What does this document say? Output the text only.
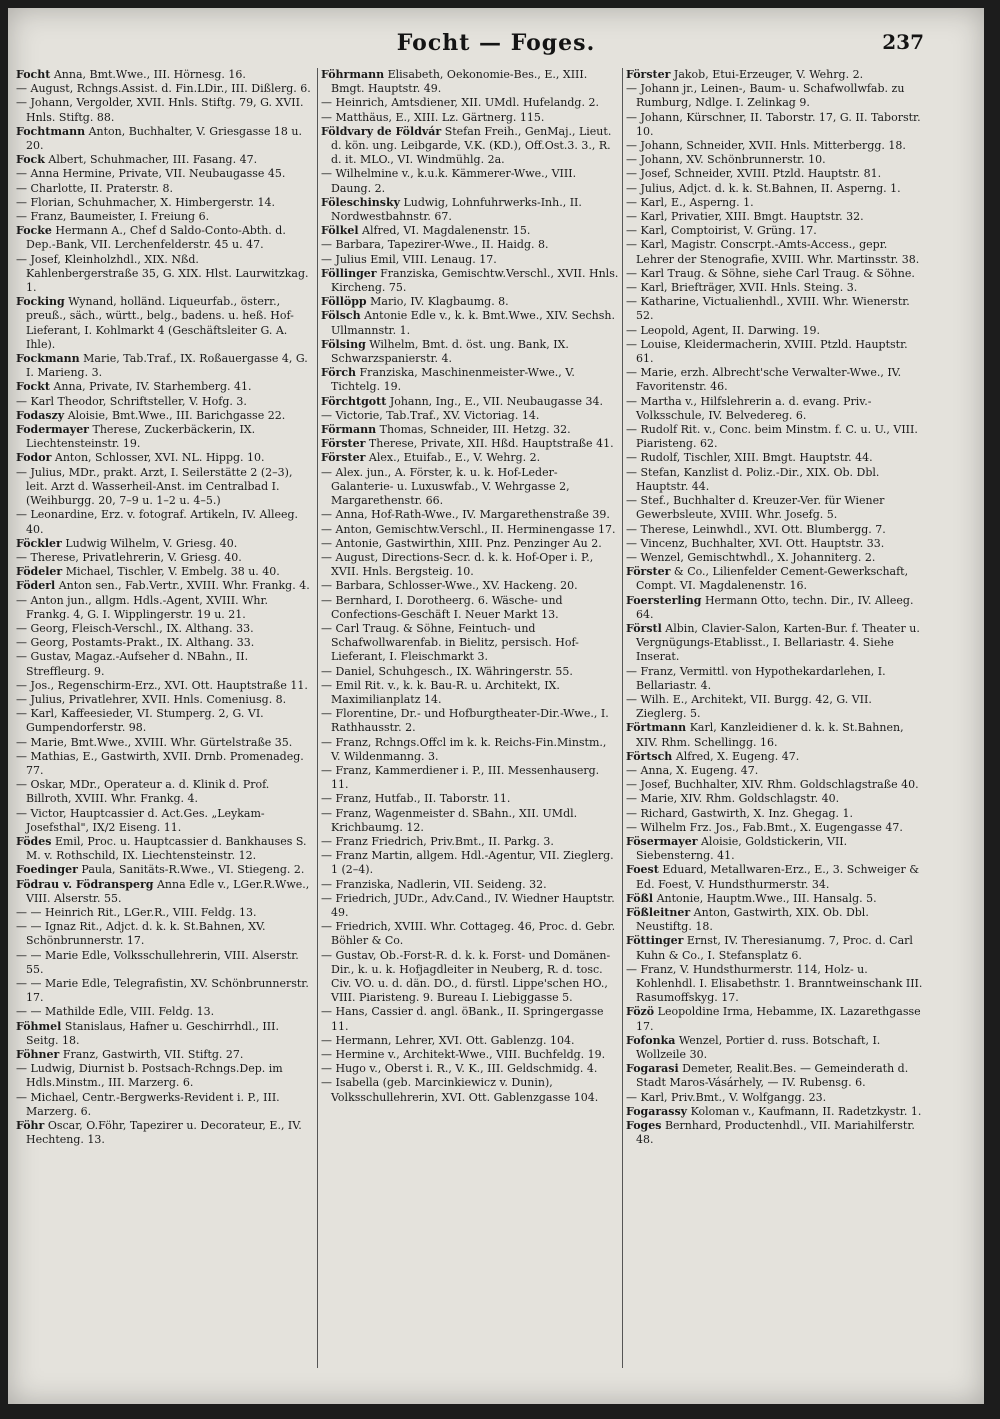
Focht — Foges.	237

Focht Anna, Bmt.Wwe., III. Hörnesg. 16.

— August, Rchngs.Assist. d. Fin.LDir., III. Dißlerg. 6.

— Johann, Vergolder, XVII. Hnls. Stiftg. 79, G. XVII. Hnls. Stiftg. 88.

Fochtmann Anton, Buchhalter, V. Griesgasse 18 u. 20.

Fock Albert, Schuhmacher, III. Fasang. 47.

— Anna Hermine, Private, VII. Neubaugasse 45.

— Charlotte, II. Praterstr. 8.

— Florian, Schuhmacher, X. Himbergerstr. 14.

— Franz, Baumeister, I. Freiung 6.

Focke Hermann A., Chef d Saldo-Conto-Abth. d. Dep.-Bank, VII. Lerchenfelderstr. 45 u. 47.

— Josef, Kleinholzhdl., XIX. Nßd. Kahlenbergerstraße 35, G. XIX. Hlst. Laurwitzkag. 1.

Focking Wynand, holländ. Liqueurfab., österr., preuß., säch., württ., belg., badens. u. heß. Hof-Lieferant, I. Kohlmarkt 4 (Geschäftsleiter G. A. Ihle).

Fockmann Marie, Tab.Traf., IX. Roßauergasse 4, G. I. Marieng. 3.

Fockt Anna, Private, IV. Starhemberg. 41.

— Karl Theodor, Schriftsteller, V. Hofg. 3.

Fodaszy Aloisie, Bmt.Wwe., III. Barichgasse 22.

Fodermayer Therese, Zuckerbäckerin, IX. Liechtensteinstr. 19.

Fodor Anton, Schlosser, XVI. NL. Hippg. 10.

— Julius, MDr., prakt. Arzt, I. Seilerstätte 2 (2–3), leit. Arzt d. Wasserheil-Anst. im Centralbad I. (Weihburgg. 20, 7–9 u. 1–2 u. 4–5.)

— Leonardine, Erz. v. fotograf. Artikeln, IV. Alleeg. 40.

Föckler Ludwig Wilhelm, V. Griesg. 40.

— Therese, Privatlehrerin, V. Griesg. 40.

Födeler Michael, Tischler, V. Embelg. 38 u. 40.

Föderl Anton sen., Fab.Vertr., XVIII. Whr. Frankg. 4.

— Anton jun., allgm. Hdls.-Agent, XVIII. Whr. Frankg. 4, G. I. Wipplingerstr. 19 u. 21.

— Georg, Fleisch-Verschl., IX. Althang. 33.

— Georg, Postamts-Prakt., IX. Althang. 33.

— Gustav, Magaz.-Aufseher d. NBahn., II. Streffleurg. 9.

— Jos., Regenschirm-Erz., XVI. Ott. Hauptstraße 11.

— Julius, Privatlehrer, XVII. Hnls. Comeniusg. 8.

— Karl, Kaffeesieder, VI. Stumperg. 2, G. VI. Gumpendorferstr. 98.

— Marie, Bmt.Wwe., XVIII. Whr. Gürtelstraße 35.

— Mathias, E., Gastwirth, XVII. Drnb. Promenadeg. 77.

— Oskar, MDr., Operateur a. d. Klinik d. Prof. Billroth, XVIII. Whr. Frankg. 4.

— Victor, Hauptcassier d. Act.Ges. „Leykam-Josefsthal", IX/2 Eiseng. 11.

Födes Emil, Proc. u. Hauptcassier d. Bankhauses S. M. v. Rothschild, IX. Liechtensteinstr. 12.

Foedinger Paula, Sanitäts-R.Wwe., VI. Stiegeng. 2.

Födrau v. Födransperg Anna Edle v., LGer.R.Wwe., VIII. Alserstr. 55.

— — Heinrich Rit., LGer.R., VIII. Feldg. 13.

— — Ignaz Rit., Adjct. d. k. k. St.Bahnen, XV. Schönbrunnerstr. 17.

— — Marie Edle, Volksschullehrerin, VIII. Alserstr. 55.

— — Marie Edle, Telegrafistin, XV. Schönbrunnerstr. 17.

— — Mathilde Edle, VIII. Feldg. 13.

Föhmel Stanislaus, Hafner u. Geschirrhdl., III. Seitg. 18.

Föhner Franz, Gastwirth, VII. Stiftg. 27.

— Ludwig, Diurnist b. Postsach-Rchngs.Dep. im Hdls.Minstm., III. Marzerg. 6.

— Michael, Centr.-Bergwerks-Revident i. P., III. Marzerg. 6.

Föhr Oscar, O.Föhr, Tapezirer u. Decorateur, E., IV. Hechteng. 13.

Föhrmann Elisabeth, Oekonomie-Bes., E., XIII. Bmgt. Hauptstr. 49.

— Heinrich, Amtsdiener, XII. UMdl. Hufelandg. 2.

— Matthäus, E., XIII. Lz. Gärtnerg. 115.

Földvary de Földvár Stefan Freih., GenMaj., Lieut. d. kön. ung. Leibgarde, V.K. (KD.), Off.Ost.3. 3., R. d. it. MLO., VI. Windmühlg. 2a.

— Wilhelmine v., k.u.k. Kämmerer-Wwe., VIII. Daung. 2.

Föleschinsky Ludwig, Lohnfuhrwerks-Inh., II. Nordwestbahnstr. 67.

Fölkel Alfred, VI. Magdalenenstr. 15.

— Barbara, Tapezirer-Wwe., II. Haidg. 8.

— Julius Emil, VIII. Lenaug. 17.

Föllinger Franziska, Gemischtw.Verschl., XVII. Hnls. Kircheng. 75.

Föllöpp Mario, IV. Klagbaumg. 8.

Fölsch Antonie Edle v., k. k. Bmt.Wwe., XIV. Sechsh. Ullmannstr. 1.

Fölsing Wilhelm, Bmt. d. öst. ung. Bank, IX. Schwarzspanierstr. 4.

Förch Franziska, Maschinenmeister-Wwe., V. Tichtelg. 19.

Förchtgott Johann, Ing., E., VII. Neubaugasse 34.

— Victorie, Tab.Traf., XV. Victoriag. 14.

Förmann Thomas, Schneider, III. Hetzg. 32.

Förster Therese, Private, XII. Hßd. Hauptstraße 41.

Förster Alex., Etuifab., E., V. Wehrg. 2.

— Alex. jun., A. Förster, k. u. k. Hof-Leder-Galanterie- u. Luxuswfab., V. Wehrgasse 2, Margarethenstr. 66.

— Anna, Hof-Rath-Wwe., IV. Margarethenstraße 39.

— Anton, Gemischtw.Verschl., II. Herminengasse 17.

— Antonie, Gastwirthin, XIII. Pnz. Penzinger Au 2.

— August, Directions-Secr. d. k. k. Hof-Oper i. P., XVII. Hnls. Bergsteig. 10.

— Barbara, Schlosser-Wwe., XV. Hackeng. 20.

— Bernhard, I. Dorotheerg. 6. Wäsche- und Confections-Geschäft I. Neuer Markt 13.

— Carl Traug. & Söhne, Feintuch- und Schafwollwarenfab. in Bielitz, persisch. Hof-Lieferant, I. Fleischmarkt 3.

— Daniel, Schuhgesch., IX. Währingerstr. 55.

— Emil Rit. v., k. k. Bau-R. u. Architekt, IX. Maximilianplatz 14.

— Florentine, Dr.- und Hofburgtheater-Dir.-Wwe., I. Rathhausstr. 2.

— Franz, Rchngs.Offcl im k. k. Reichs-Fin.Minstm., V. Wildenmanng. 3.

— Franz, Kammerdiener i. P., III. Messenhauserg. 11.

— Franz, Hutfab., II. Taborstr. 11.

— Franz, Wagenmeister d. SBahn., XII. UMdl. Krichbaumg. 12.

— Franz Friedrich, Priv.Bmt., II. Parkg. 3.

— Franz Martin, allgem. Hdl.-Agentur, VII. Zieglerg. 1 (2–4).

— Franziska, Nadlerin, VII. Seideng. 32.

— Friedrich, JUDr., Adv.Cand., IV. Wiedner Hauptstr. 49.

— Friedrich, XVIII. Whr. Cottageg. 46, Proc. d. Gebr. Böhler & Co.

— Gustav, Ob.-Forst-R. d. k. k. Forst- und Domänen-Dir., k. u. k. Hofjagdleiter in Neuberg, R. d. tosc. Civ. VO. u. d. dän. DO., d. fürstl. Lippe'schen HO., VIII. Piaristeng. 9. Bureau I. Liebiggasse 5.

— Hans, Cassier d. angl. öBank., II. Springergasse 11.

— Hermann, Lehrer, XVI. Ott. Gablenzg. 104.

— Hermine v., Architekt-Wwe., VIII. Buchfeldg. 19.

— Hugo v., Oberst i. R., V. K., III. Geldschmidg. 4.

— Isabella (geb. Marcinkiewicz v. Dunin), Volksschullehrerin, XVI. Ott. Gablenzgasse 104.

Förster Jakob, Etui-Erzeuger, V. Wehrg. 2.

— Johann jr., Leinen-, Baum- u. Schafwollwfab. zu Rumburg, Ndlge. I. Zelinkag 9.

— Johann, Kürschner, II. Taborstr. 17, G. II. Taborstr. 10.

— Johann, Schneider, XVII. Hnls. Mitterbergg. 18.

— Johann, XV. Schönbrunnerstr. 10.

— Josef, Schneider, XVIII. Ptzld. Hauptstr. 81.

— Julius, Adjct. d. k. k. St.Bahnen, II. Asperng. 1.

— Karl, E., Asperng. 1.

— Karl, Privatier, XIII. Bmgt. Hauptstr. 32.

— Karl, Comptoirist, V. Grüng. 17.

— Karl, Magistr. Conscrpt.-Amts-Access., gepr. Lehrer der Stenografie, XVIII. Whr. Martinsstr. 38.

— Karl Traug. & Söhne, siehe Carl Traug. & Söhne.

— Karl, Briefträger, XVII. Hnls. Steing. 3.

— Katharine, Victualienhdl., XVIII. Whr. Wienerstr. 52.

— Leopold, Agent, II. Darwing. 19.

— Louise, Kleidermacherin, XVIII. Ptzld. Hauptstr. 61.

— Marie, erzh. Albrecht'sche Verwalter-Wwe., IV. Favoritenstr. 46.

— Martha v., Hilfslehrerin a. d. evang. Priv.-Volksschule, IV. Belvedereg. 6.

— Rudolf Rit. v., Conc. beim Minstm. f. C. u. U., VIII. Piaristeng. 62.

— Rudolf, Tischler, XIII. Bmgt. Hauptstr. 44.

— Stefan, Kanzlist d. Poliz.-Dir., XIX. Ob. Dbl. Hauptstr. 44.

— Stef., Buchhalter d. Kreuzer-Ver. für Wiener Gewerbsleute, XVIII. Whr. Josefg. 5.

— Therese, Leinwhdl., XVI. Ott. Blumbergg. 7.

— Vincenz, Buchhalter, XVI. Ott. Hauptstr. 33.

— Wenzel, Gemischtwhdl., X. Johanniterg. 2.

Förster & Co., Lilienfelder Cement-Gewerkschaft, Compt. VI. Magdalenenstr. 16.

Foersterling Hermann Otto, techn. Dir., IV. Alleeg. 64.

Förstl Albin, Clavier-Salon, Karten-Bur. f. Theater u. Vergnügungs-Etablisst., I. Bellariastr. 4. Siehe Inserat.

— Franz, Vermittl. von Hypothekardarlehen, I. Bellariastr. 4.

— Wilh. E., Architekt, VII. Burgg. 42, G. VII. Zieglerg. 5.

Förtmann Karl, Kanzleidiener d. k. k. St.Bahnen, XIV. Rhm. Schellingg. 16.

Förtsch Alfred, X. Eugeng. 47.

— Anna, X. Eugeng. 47.

— Josef, Buchhalter, XIV. Rhm. Goldschlagstraße 40.

— Marie, XIV. Rhm. Goldschlagstr. 40.

— Richard, Gastwirth, X. Inz. Ghegag. 1.

— Wilhelm Frz. Jos., Fab.Bmt., X. Eugengasse 47.

Fösermayer Aloisie, Goldstickerin, VII. Siebensterng. 41.

Foest Eduard, Metallwaren-Erz., E., 3. Schweiger & Ed. Foest, V. Hundsthurmerstr. 34.

Fößl Antonie, Hauptm.Wwe., III. Hansalg. 5.

Fößleitner Anton, Gastwirth, XIX. Ob. Dbl. Neustiftg. 18.

Föttinger Ernst, IV. Theresianumg. 7, Proc. d. Carl Kuhn & Co., I. Stefansplatz 6.

— Franz, V. Hundsthurmerstr. 114, Holz- u. Kohlenhdl. I. Elisabethstr. 1. Branntweinschank III. Rasumoffskyg. 17.

Fözö Leopoldine Irma, Hebamme, IX. Lazarethgasse 17.

Fofonka Wenzel, Portier d. russ. Botschaft, I. Wollzeile 30.

Fogarasi Demeter, Realit.Bes. — Gemeinderath d. Stadt Maros-Vásárhely, — IV. Rubensg. 6.

— Karl, Priv.Bmt., V. Wolfgangg. 23.

Fogarassy Koloman v., Kaufmann, II. Radetzkystr. 1.

Foges Bernhard, Productenhdl., VII. Mariahilferstr. 48.
